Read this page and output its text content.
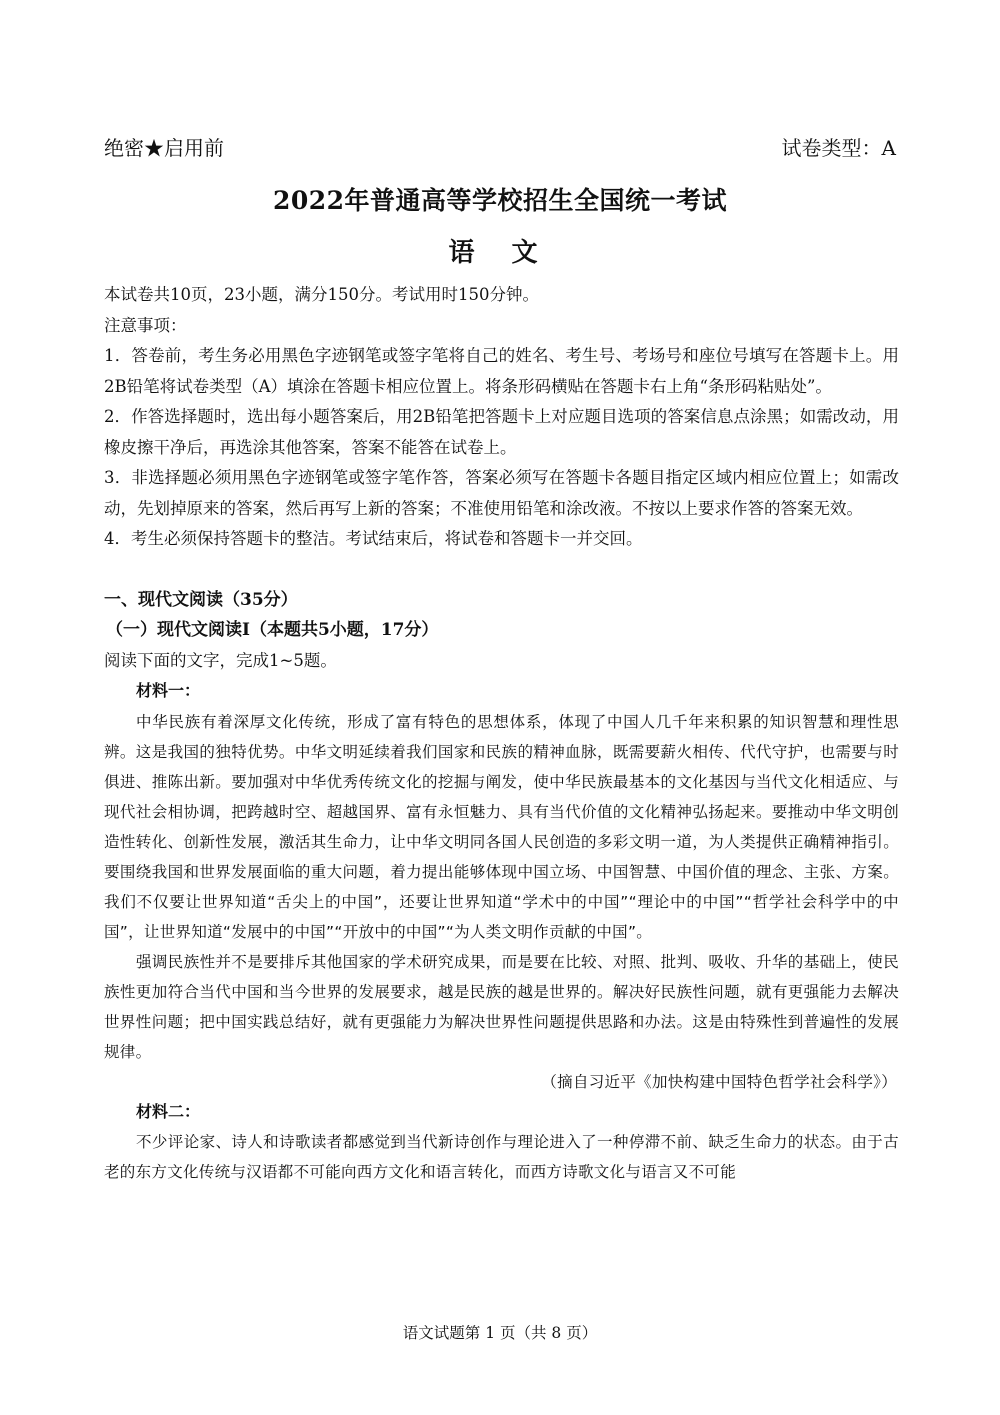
绝密★启用前	试卷类型：A
2022年普通高等学校招生全国统一考试
语 文

本试卷共10页，23小题，满分150分。考试用时150分钟。

注意事项：

1．答卷前，考生务必用黑色字迹钢笔或签字笔将自己的姓名、考生号、考场号和座位号填写在答题卡上。用2B铅笔将试卷类型（A）填涂在答题卡相应位置上。将条形码横贴在答题卡右上角“条形码粘贴处”。

2．作答选择题时，选出每小题答案后，用2B铅笔把答题卡上对应题目选项的答案信息点涂黑；如需改动，用橡皮擦干净后，再选涂其他答案，答案不能答在试卷上。

3．非选择题必须用黑色字迹钢笔或签字笔作答，答案必须写在答题卡各题目指定区域内相应位置上；如需改动，先划掉原来的答案，然后再写上新的答案；不准使用铅笔和涂改液。不按以上要求作答的答案无效。

4．考生必须保持答题卡的整洁。考试结束后，将试卷和答题卡一并交回。

一、现代文阅读（35分）

（一）现代文阅读Ⅰ（本题共5小题，17分）

阅读下面的文字，完成1~5题。

材料一：

中华民族有着深厚文化传统，形成了富有特色的思想体系，体现了中国人几千年来积累的知识智慧和理性思辨。这是我国的独特优势。中华文明延续着我们国家和民族的精神血脉，既需要薪火相传、代代守护，也需要与时俱进、推陈出新。要加强对中华优秀传统文化的挖掘与阐发，使中华民族最基本的文化基因与当代文化相适应、与现代社会相协调，把跨越时空、超越国界、富有永恒魅力、具有当代价值的文化精神弘扬起来。要推动中华文明创造性转化、创新性发展，激活其生命力，让中华文明同各国人民创造的多彩文明一道，为人类提供正确精神指引。要围绕我国和世界发展面临的重大问题，着力提出能够体现中国立场、中国智慧、中国价值的理念、主张、方案。我们不仅要让世界知道“舌尖上的中国”，还要让世界知道“学术中的中国”“理论中的中国”“哲学社会科学中的中国”，让世界知道“发展中的中国”“开放中的中国”“为人类文明作贡献的中国”。

强调民族性并不是要排斥其他国家的学术研究成果，而是要在比较、对照、批判、吸收、升华的基础上，使民族性更加符合当代中国和当今世界的发展要求，越是民族的越是世界的。解决好民族性问题，就有更强能力去解决世界性问题；把中国实践总结好，就有更强能力为解决世界性问题提供思路和办法。这是由特殊性到普遍性的发展规律。

（摘自习近平《加快构建中国特色哲学社会科学》）

材料二：

不少评论家、诗人和诗歌读者都感觉到当代新诗创作与理论进入了一种停滞不前、缺乏生命力的状态。由于古老的东方文化传统与汉语都不可能向西方文化和语言转化，而西方诗歌文化与语言又不可能

语文试题第 1 页（共 8 页）
